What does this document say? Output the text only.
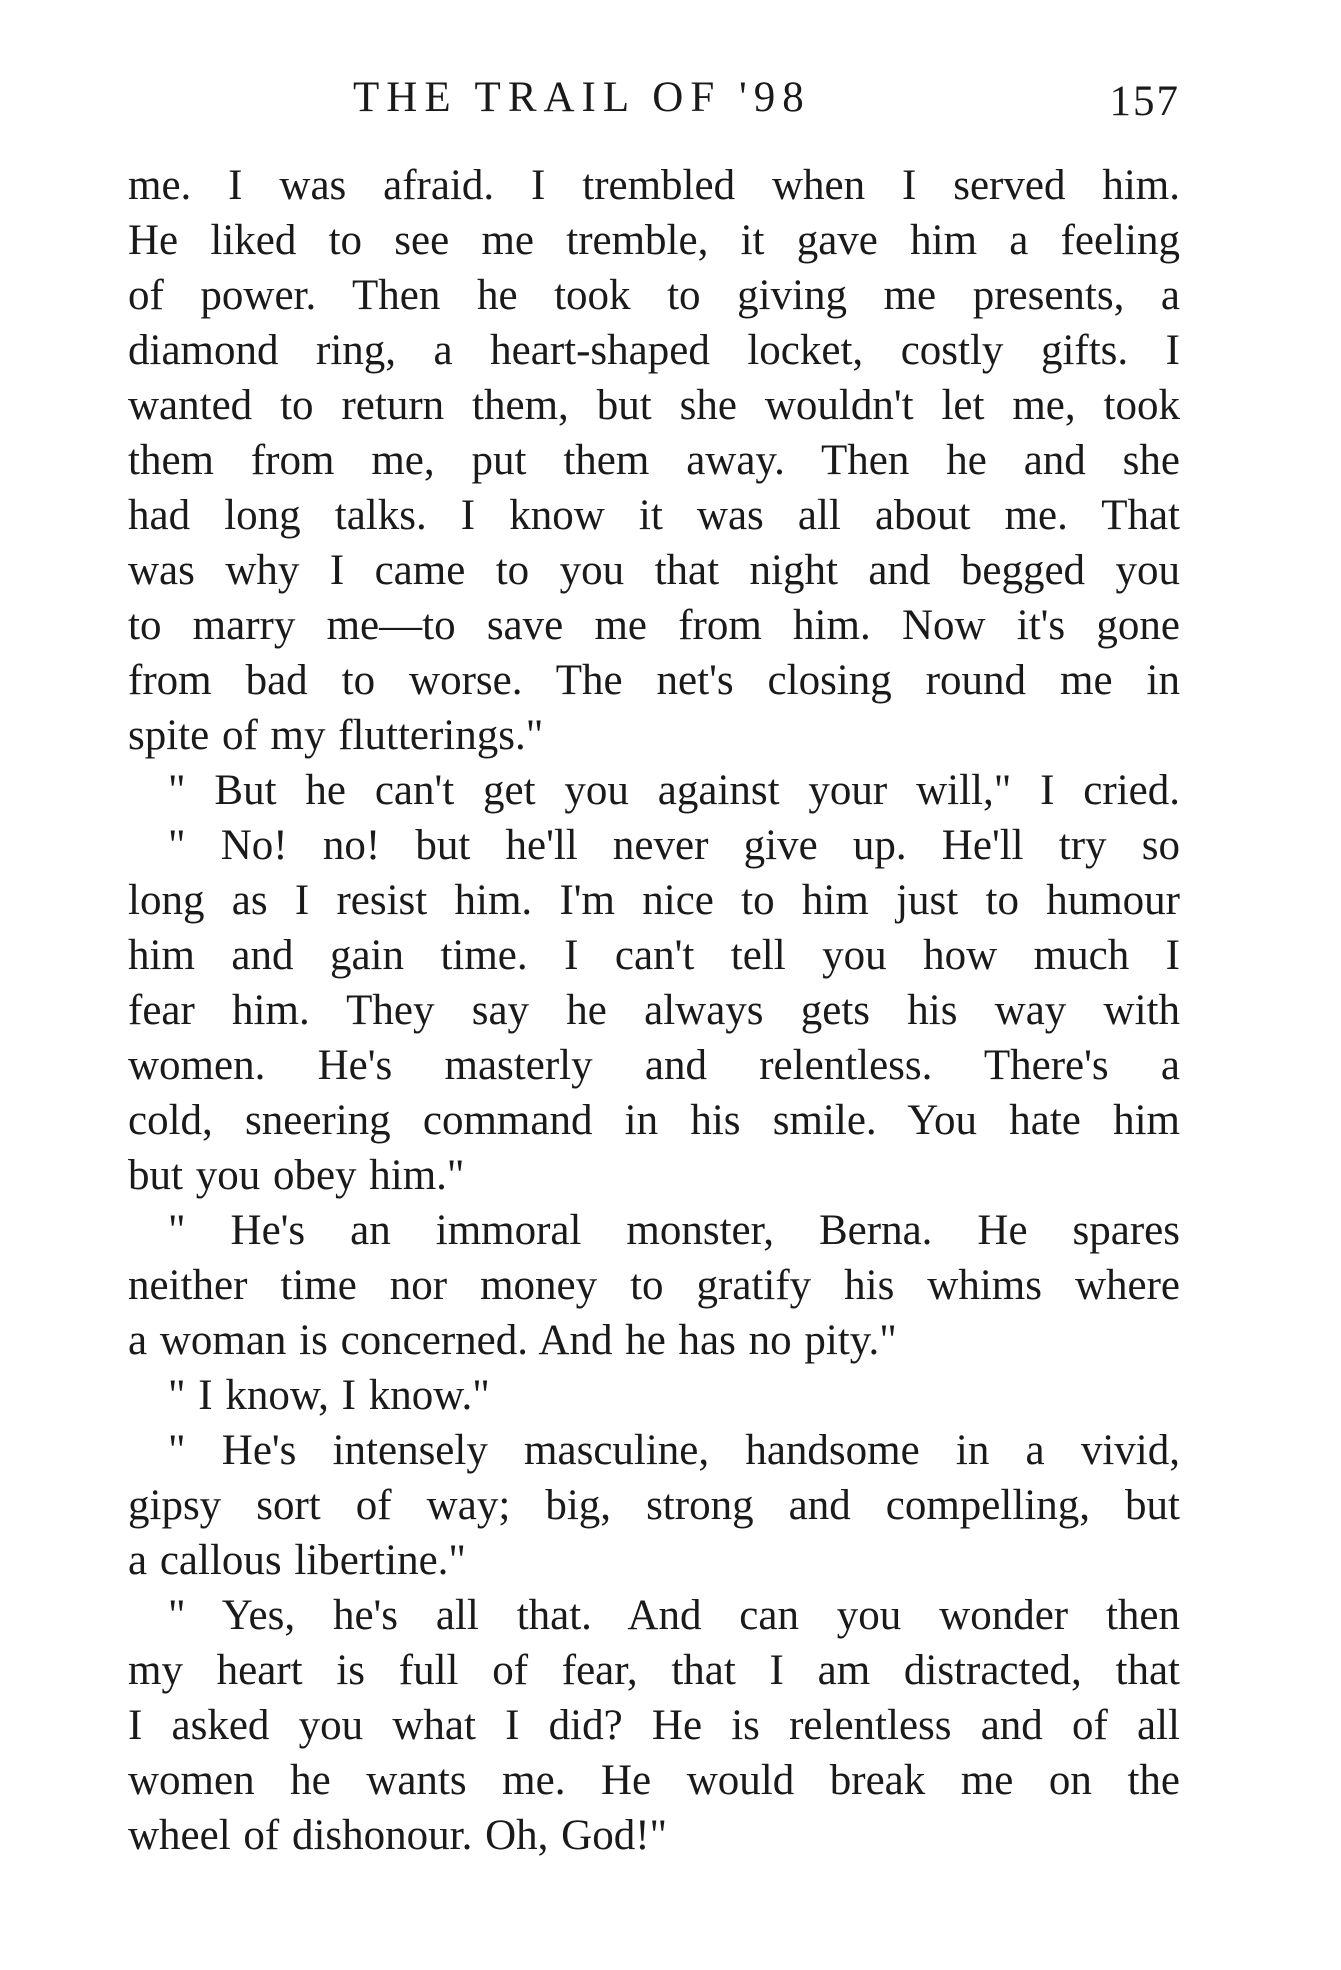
THE TRAIL OF '98	157
me. I was afraid. I trembled when I served him.
He liked to see me tremble, it gave him a feeling
of power. Then he took to giving me presents, a
diamond ring, a heart-shaped locket, costly gifts. I
wanted to return them, but she wouldn't let me, took
them from me, put them away. Then he and she
had long talks. I know it was all about me. That
was why I came to you that night and begged you
to marry me—to save me from him. Now it's gone
from bad to worse. The net's closing round me in
spite of my flutterings."
" But he can't get you against your will," I cried.
" No! no! but he'll never give up. He'll try so
long as I resist him. I'm nice to him just to humour
him and gain time. I can't tell you how much I
fear him. They say he always gets his way with
women. He's masterly and relentless. There's a
cold, sneering command in his smile. You hate him
but you obey him."
" He's an immoral monster, Berna. He spares
neither time nor money to gratify his whims where
a woman is concerned. And he has no pity."
" I know, I know."
" He's intensely masculine, handsome in a vivid,
gipsy sort of way; big, strong and compelling, but
a callous libertine."
" Yes, he's all that. And can you wonder then
my heart is full of fear, that I am distracted, that
I asked you what I did? He is relentless and of all
women he wants me. He would break me on the
wheel of dishonour. Oh, God!"
